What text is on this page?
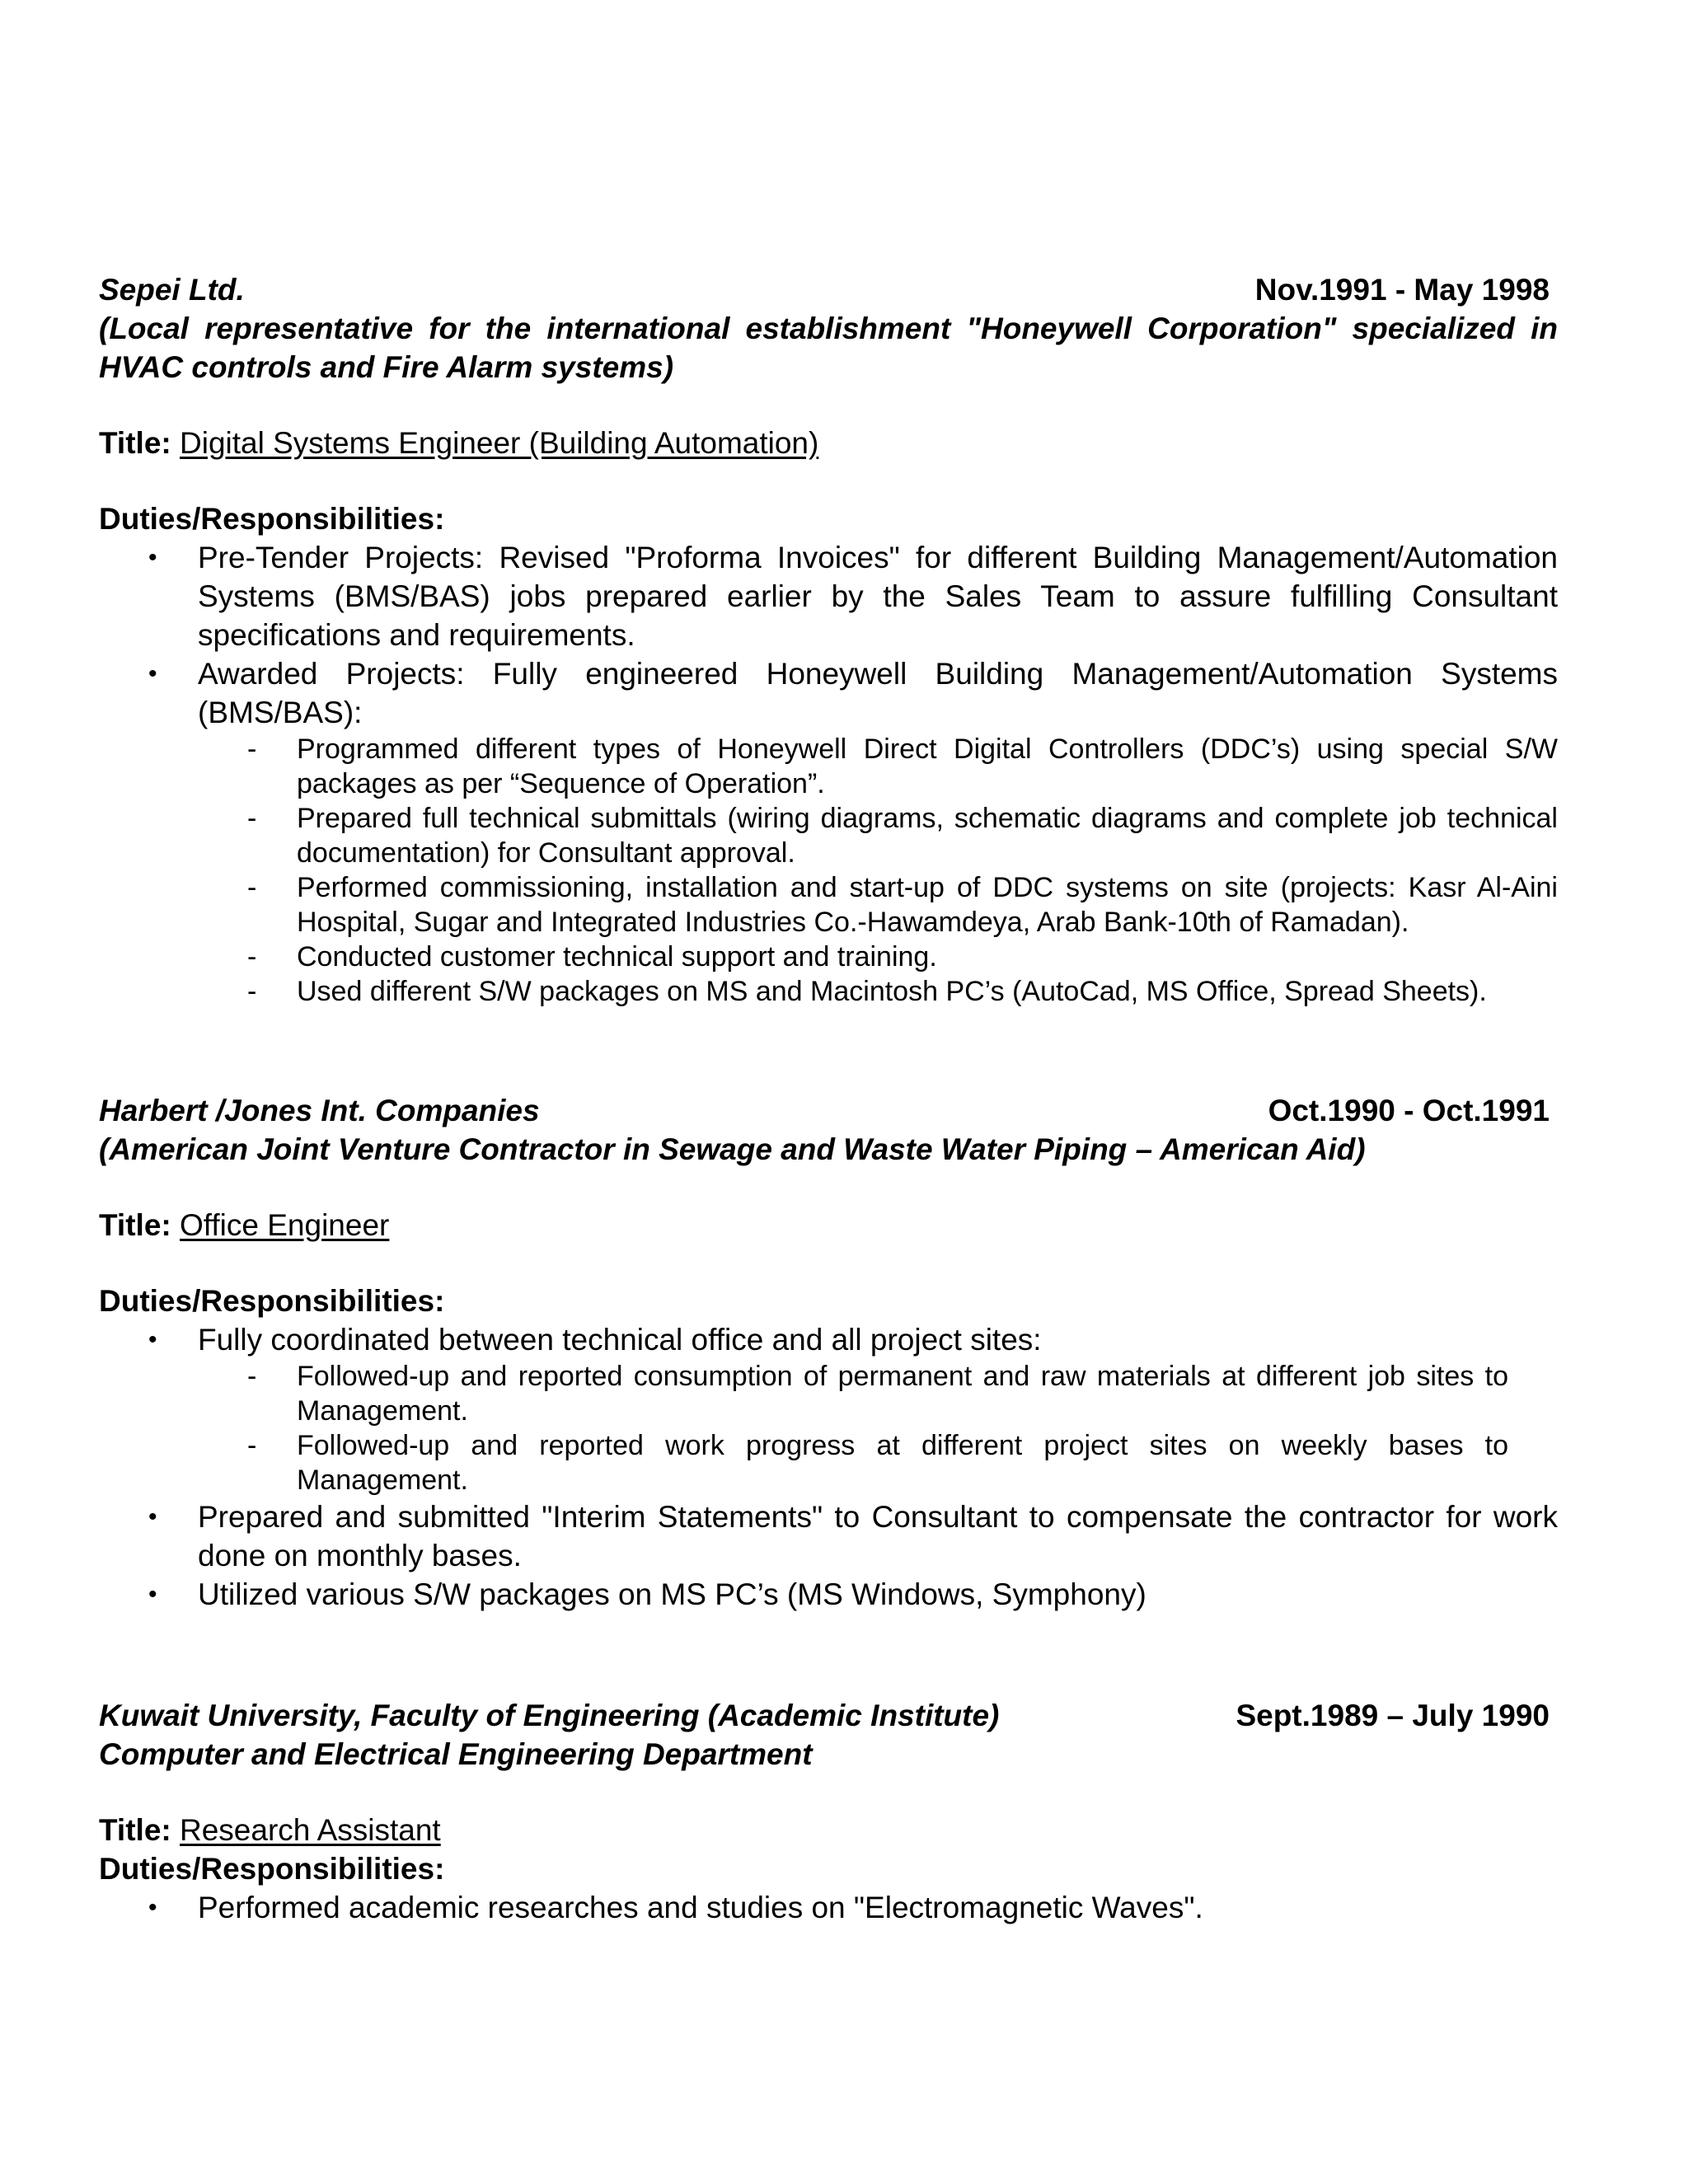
Sepei Ltd.	Nov.1991 - May 1998
(Local representative for the international establishment "Honeywell Corporation" specialized in HVAC controls and Fire Alarm systems)
Title: Digital Systems Engineer (Building Automation)
Duties/Responsibilities:
• Pre-Tender Projects: Revised "Proforma Invoices" for different Building Management/Automation Systems (BMS/BAS) jobs prepared earlier by the Sales Team to assure fulfilling Consultant specifications and requirements.
• Awarded Projects: Fully engineered Honeywell Building Management/Automation Systems (BMS/BAS):
- Programmed different types of Honeywell Direct Digital Controllers (DDC’s) using special S/W packages as per “Sequence of Operation”.
- Prepared full technical submittals (wiring diagrams, schematic diagrams and complete job technical documentation) for Consultant approval.
- Performed commissioning, installation and start-up of DDC systems on site (projects: Kasr Al-Aini Hospital, Sugar and Integrated Industries Co.-Hawamdeya, Arab Bank-10th of Ramadan).
- Conducted customer technical support and training.
- Used different S/W packages on MS and Macintosh PC’s (AutoCad, MS Office, Spread Sheets).
Harbert /Jones Int. Companies	Oct.1990 - Oct.1991
(American Joint Venture Contractor in Sewage and Waste Water Piping – American Aid)
Title: Office Engineer
Duties/Responsibilities:
• Fully coordinated between technical office and all project sites:
- Followed-up and reported consumption of permanent and raw materials at different job sites to Management.
- Followed-up and reported work progress at different project sites on weekly bases to Management.
• Prepared and submitted "Interim Statements" to Consultant to compensate the contractor for work done on monthly bases.
• Utilized various S/W packages on MS PC’s (MS Windows, Symphony)
Kuwait University, Faculty of Engineering (Academic Institute)	Sept.1989 – July 1990
Computer and Electrical Engineering Department
Title: Research Assistant
Duties/Responsibilities:
• Performed academic researches and studies on "Electromagnetic Waves".
